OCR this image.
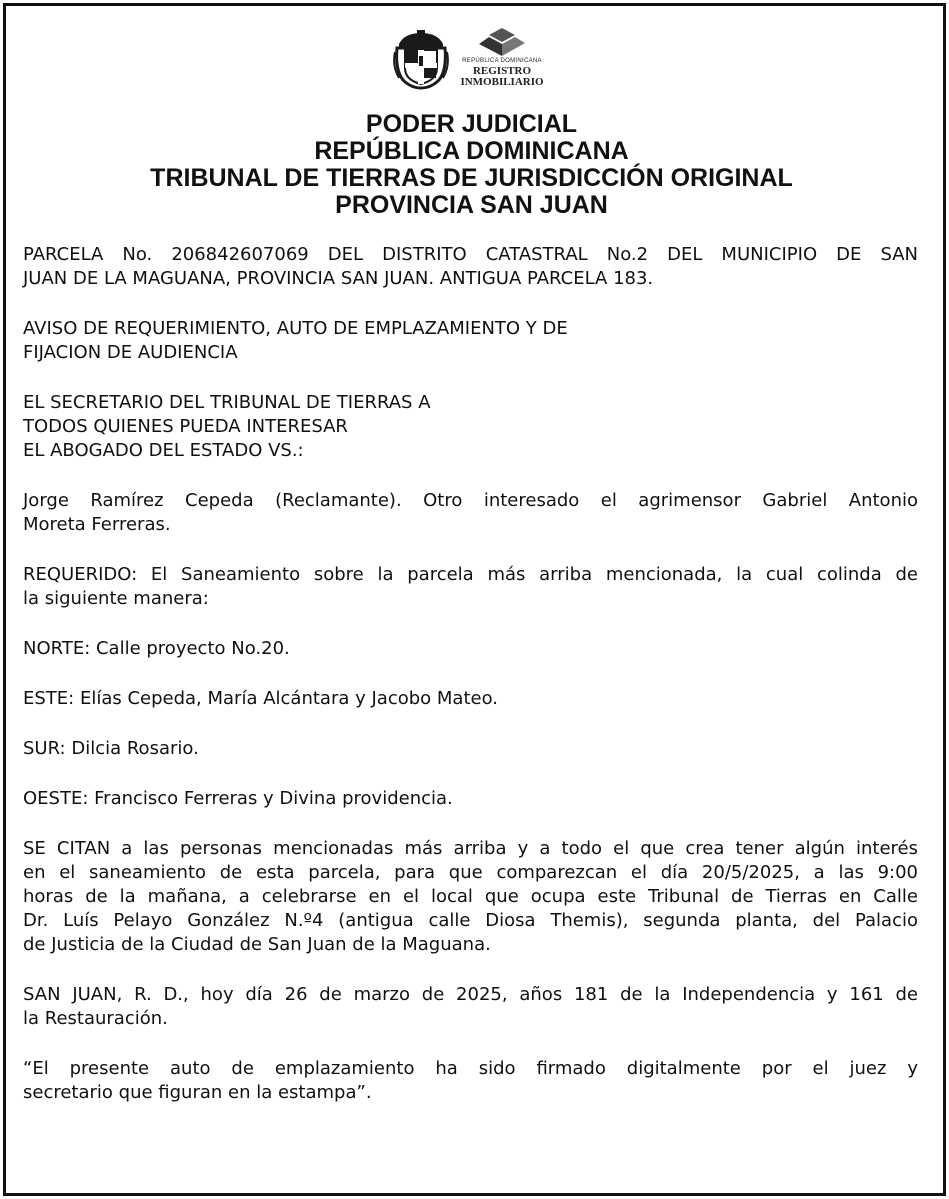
REPÚBLICA DOMINICANA
REGISTRO
INMOBILIARIO
PODER JUDICIAL
REPÚBLICA DOMINICANA
TRIBUNAL DE TIERRAS DE JURISDICCIÓN ORIGINAL
PROVINCIA SAN JUAN
PARCELA No. 206842607069 DEL DISTRITO CATASTRAL No.2 DEL MUNICIPIO DE SAN
JUAN DE LA MAGUANA, PROVINCIA SAN JUAN. ANTIGUA PARCELA 183.
AVISO DE REQUERIMIENTO, AUTO DE EMPLAZAMIENTO Y DE
FIJACION DE AUDIENCIA
EL SECRETARIO DEL TRIBUNAL DE TIERRAS A
TODOS QUIENES PUEDA INTERESAR
EL ABOGADO DEL ESTADO VS.:
Jorge Ramírez Cepeda (Reclamante). Otro interesado el agrimensor Gabriel Antonio
Moreta Ferreras.
REQUERIDO: El Saneamiento sobre la parcela más arriba mencionada, la cual colinda de
la siguiente manera:
NORTE: Calle proyecto No.20.
ESTE: Elías Cepeda, María Alcántara y Jacobo Mateo.
SUR: Dilcia Rosario.
OESTE: Francisco Ferreras y Divina providencia.
SE CITAN a las personas mencionadas más arriba y a todo el que crea tener algún interés
en el saneamiento de esta parcela, para que comparezcan el día 20/5/2025, a las 9:00
horas de la mañana, a celebrarse en el local que ocupa este Tribunal de Tierras en Calle
Dr. Luís Pelayo González N.º4 (antigua calle Diosa Themis), segunda planta, del Palacio
de Justicia de la Ciudad de San Juan de la Maguana.
SAN JUAN, R. D., hoy día 26 de marzo de 2025, años 181 de la Independencia y 161 de
la Restauración.
“El presente auto de emplazamiento ha sido firmado digitalmente por el juez y
secretario que figuran en la estampa”.
